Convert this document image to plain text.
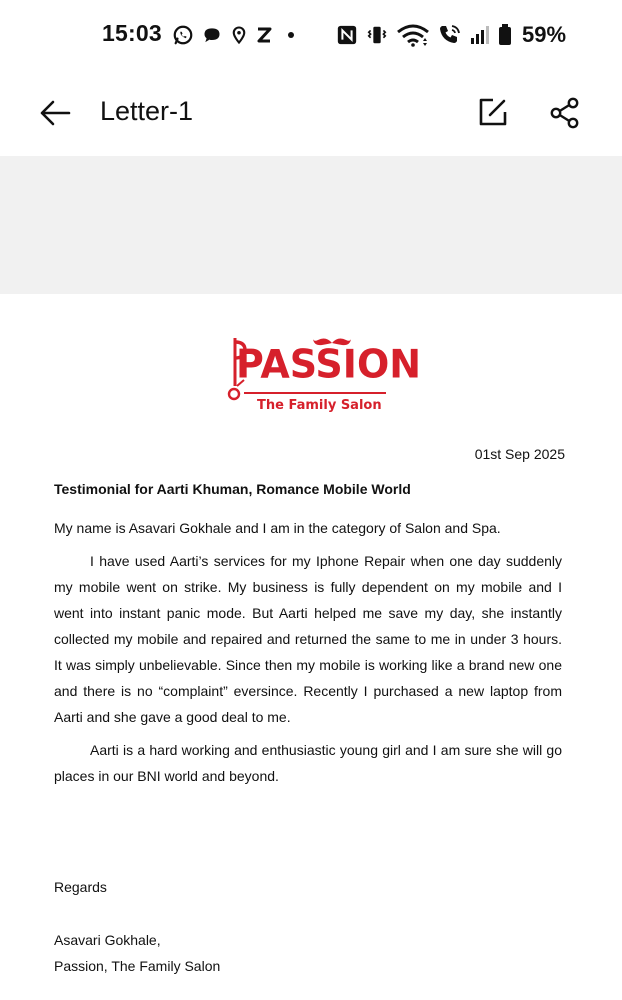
15:03	59%
Letter-1
PASSION
The Family Salon
01st Sep 2025
Testimonial for Aarti Khuman, Romance Mobile World
My name is Asavari Gokhale and I am in the category of Salon and Spa.

I have used Aarti’s services for my Iphone Repair when one day suddenly my mobile went on strike. My business is fully dependent on my mobile and I went into instant panic mode. But Aarti helped me save my day, she instantly collected my mobile and repaired and returned the same to me in under 3 hours. It was simply unbelievable. Since then my mobile is working like a brand new one and there is no “complaint” eversince. Recently I purchased a new laptop from Aarti and she gave a good deal to me.

Aarti is a hard working and enthusiastic young girl and I am sure she will go places in our BNI world and beyond.

Regards
Asavari Gokhale,
Passion, The Family Salon
